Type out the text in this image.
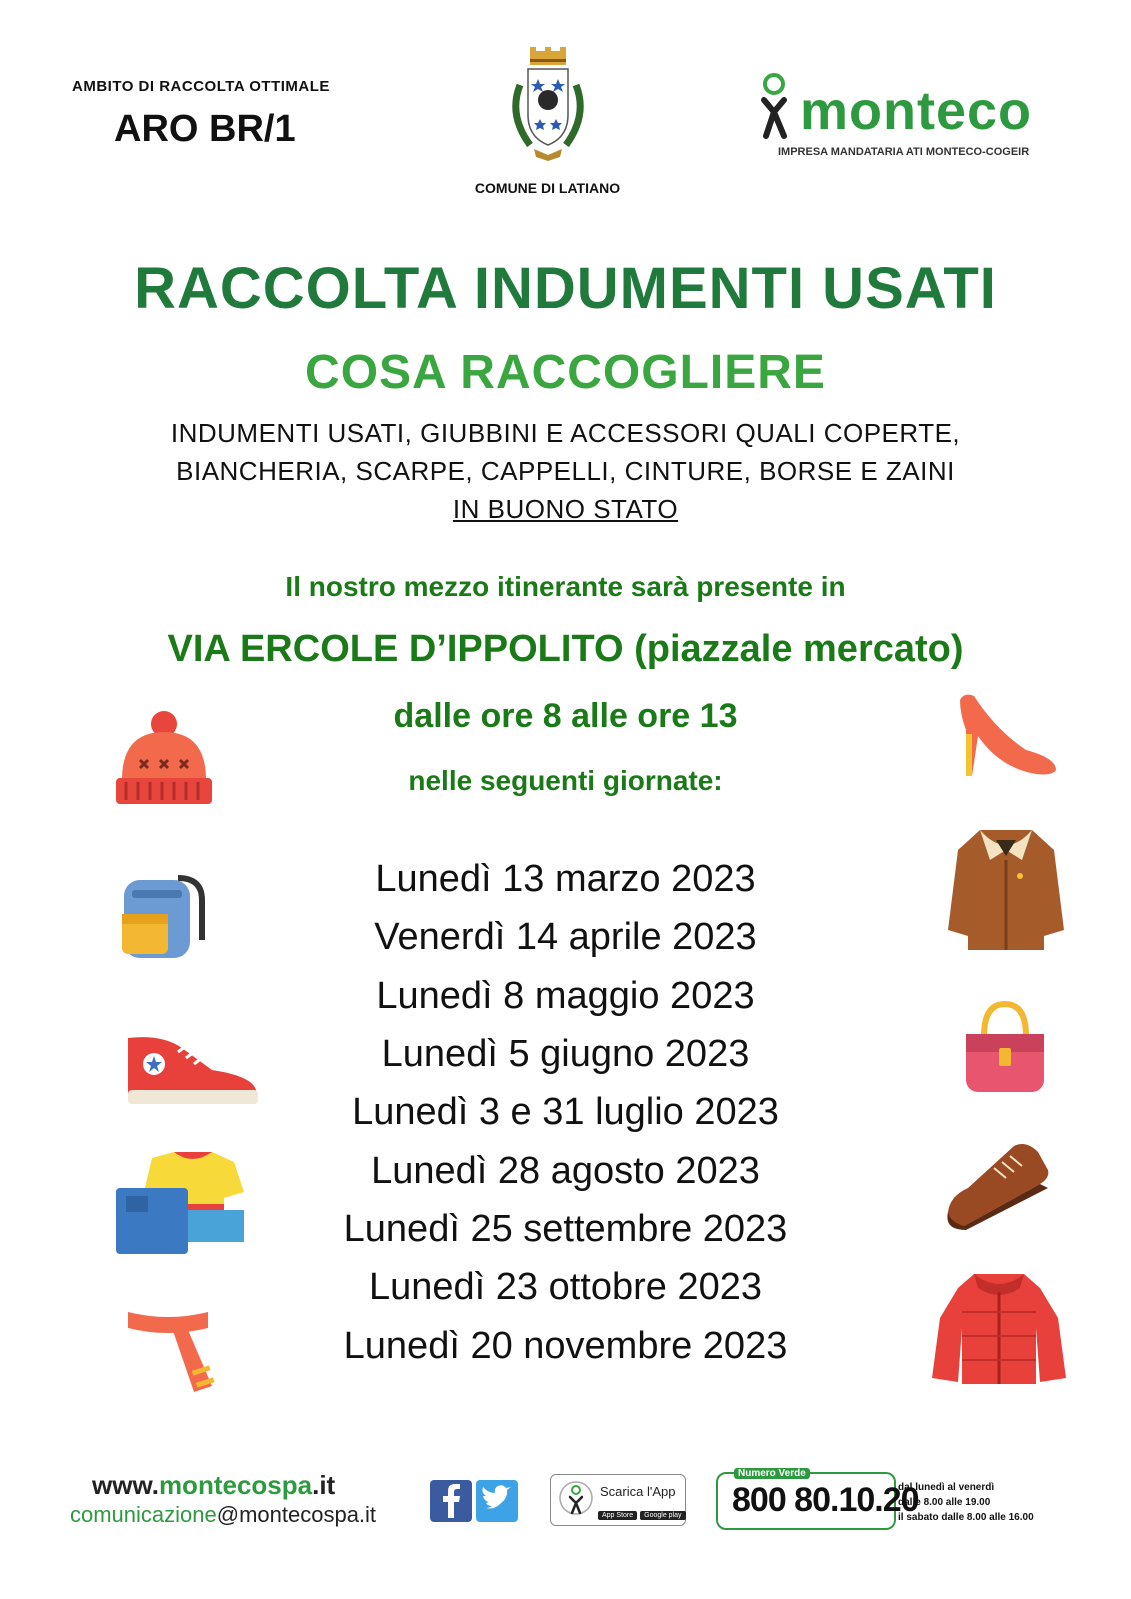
AMBITO DI RACCOLTA OTTIMALE
ARO BR/1
COMUNE DI LATIANO
monteco
IMPRESA MANDATARIA ATI MONTECO-COGEIR
RACCOLTA INDUMENTI USATI
COSA RACCOGLIERE
INDUMENTI USATI, GIUBBINI E ACCESSORI QUALI COPERTE,
BIANCHERIA, SCARPE, CAPPELLI, CINTURE, BORSE E ZAINI
IN BUONO STATO
Il nostro mezzo itinerante sarà presente in
VIA ERCOLE D’IPPOLITO (piazzale mercato)
dalle ore 8 alle ore 13
nelle seguenti giornate:
Lunedì 13 marzo 2023
Venerdì 14 aprile 2023
Lunedì 8 maggio 2023
Lunedì 5 giugno 2023
Lunedì 3 e 31 luglio 2023
Lunedì 28 agosto 2023
Lunedì 25 settembre 2023
Lunedì 23 ottobre 2023
Lunedì 20 novembre 2023
www.montecospa.it
comunicazione@montecospa.it
Scarica l'App
App Store Google play
Numero Verde
800 80.10.20
dal lunedì al venerdì
dalle 8.00 alle 19.00
il sabato dalle 8.00 alle 16.00
